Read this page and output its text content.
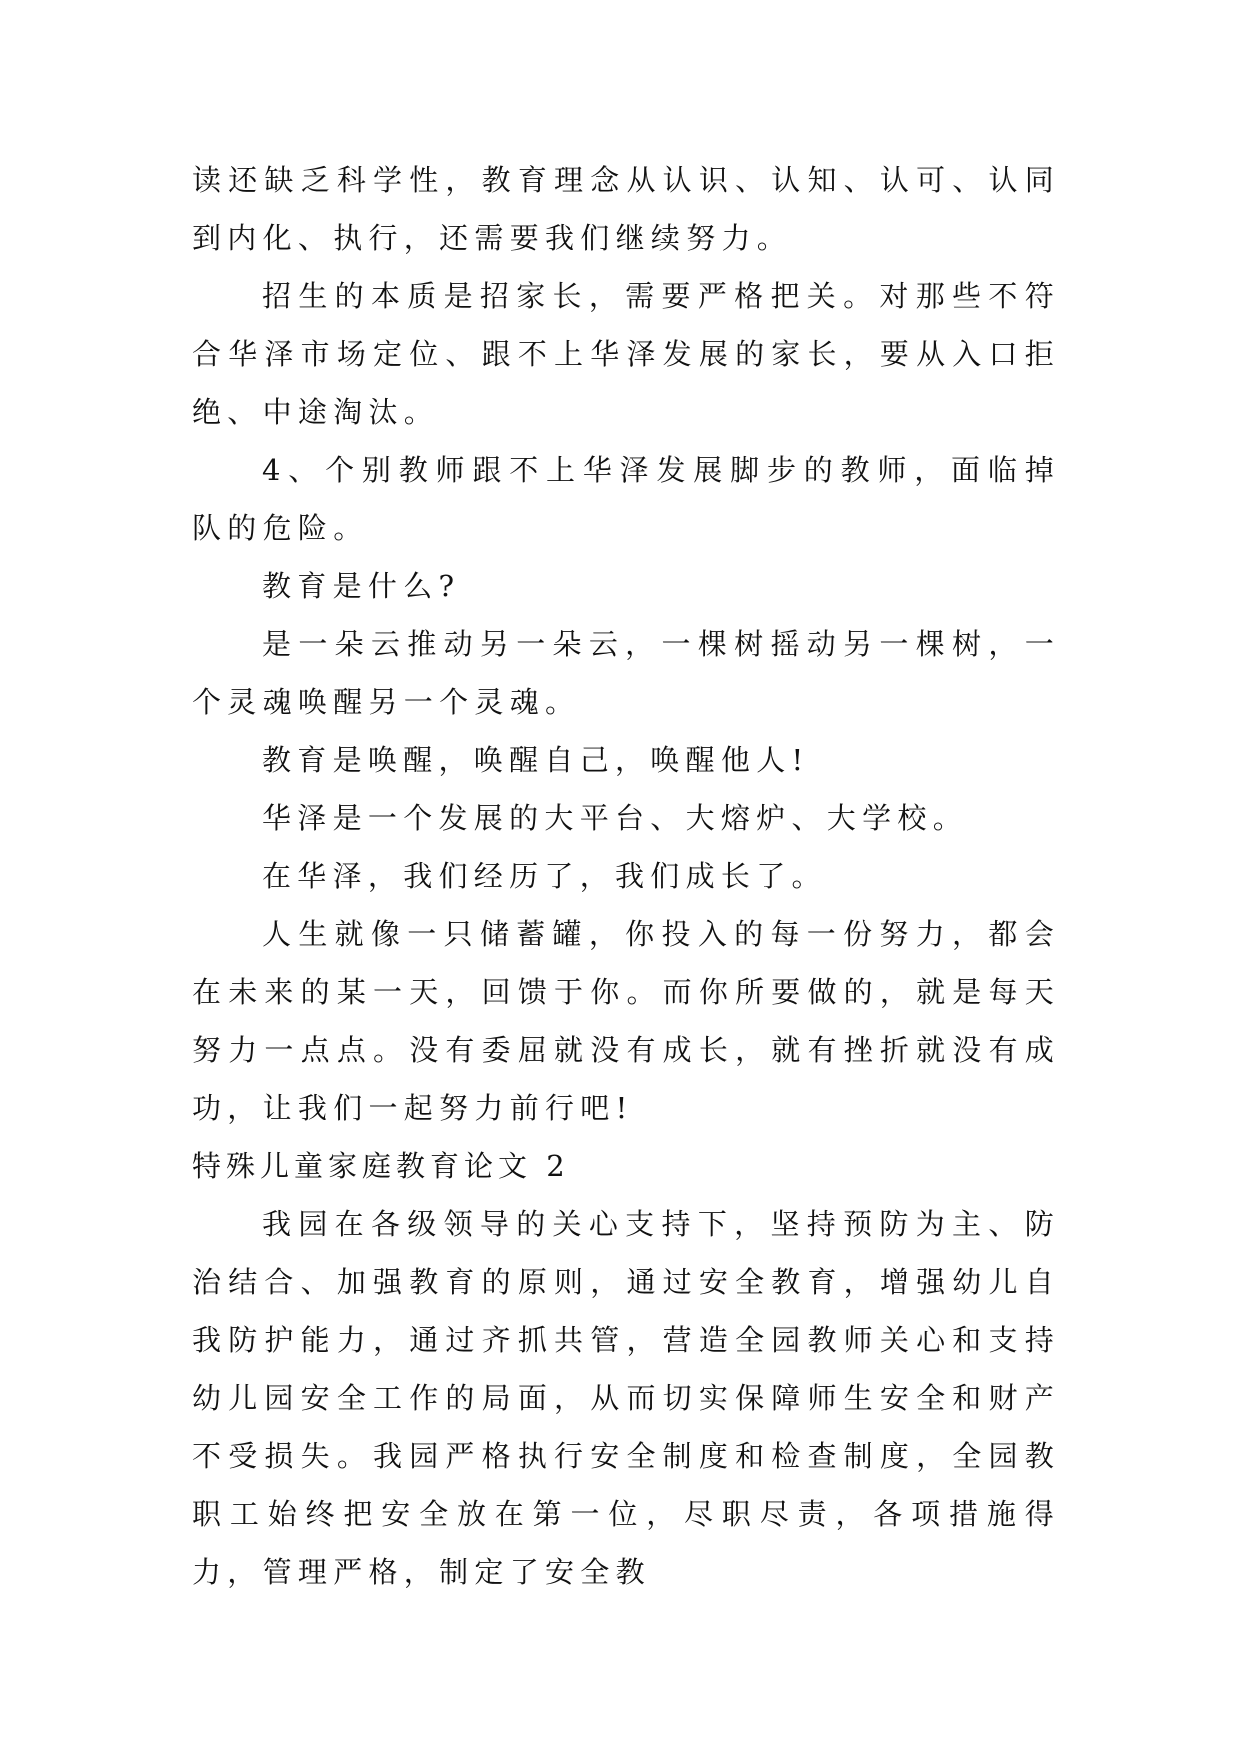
读还缺乏科学性，教育理念从认识、认知、认可、认同到内化、执行，还需要我们继续努力。

招生的本质是招家长，需要严格把关。对那些不符合华泽市场定位、跟不上华泽发展的家长，要从入口拒绝、中途淘汰。

4、个别教师跟不上华泽发展脚步的教师，面临掉队的危险。

教育是什么?

是一朵云推动另一朵云，一棵树摇动另一棵树，一个灵魂唤醒另一个灵魂。

教育是唤醒，唤醒自己，唤醒他人!

华泽是一个发展的大平台、大熔炉、大学校。

在华泽，我们经历了，我们成长了。

人生就像一只储蓄罐，你投入的每一份努力，都会在未来的某一天，回馈于你。而你所要做的，就是每天努力一点点。没有委屈就没有成长，就有挫折就没有成功，让我们一起努力前行吧!

特殊儿童家庭教育论文 2

我园在各级领导的关心支持下，坚持预防为主、防治结合、加强教育的原则，通过安全教育，增强幼儿自我防护能力，通过齐抓共管，营造全园教师关心和支持幼儿园安全工作的局面，从而切实保障师生安全和财产不受损失。我园严格执行安全制度和检查制度，全园教职工始终把安全放在第一位，尽职尽责，各项措施得力，管理严格，制定了安全教
